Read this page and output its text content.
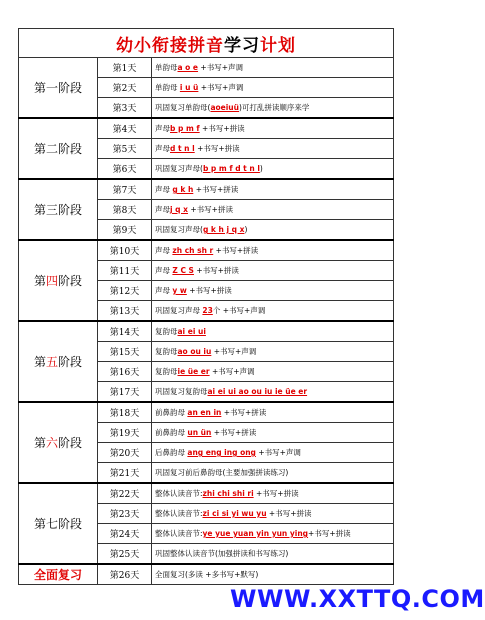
幼小衔接拼音 学习 计划
第一阶段	第1天	单韵母a o e +书写+声调
	第2天	单韵母 i u ü +书写+声调
	第3天	巩固复习单韵母(aoeiuü)可打乱拼读顺序来学
第二阶段	第4天	声母b p m f +书写+拼读
	第5天	声母d t n l +书写+拼读
	第6天	巩固复习声母(b p m f d t n l)
第三阶段	第7天	声母 g k h +书写+拼读
	第8天	声母j q x +书写+拼读
	第9天	巩固复习声母(g k h j q x)
第四阶段	第10天	声母 zh ch sh r +书写+拼读
	第11天	声母 Z C S +书写+拼读
	第12天	声母 y w +书写+拼读
	第13天	巩固复习声母 23个 +书写+声调
第五阶段	第14天	复韵母ai ei ui
	第15天	复韵母ao ou iu +书写+声调
	第16天	复韵母ie üe er +书写+声调
	第17天	巩固复习复韵母ai ei ui ao ou iu ie üe er
第六阶段	第18天	前鼻韵母 an en in +书写+拼读
	第19天	前鼻韵母 un ün +书写+拼读
	第20天	后鼻韵母 ang eng ing ong +书写+声调
	第21天	巩固复习前后鼻韵母(主要加强拼读练习)
第七阶段	第22天	整体认读音节:zhi chi shi ri +书写+拼读
	第23天	整体认读音节:zi ci si yi wu yu +书写+拼读
	第24天	整体认读音节:ye yue yuan yin yun ying+书写+拼读
	第25天	巩固整体认读音节(加强拼读和书写练习)
全面复习	第26天	全面复习(多读 +多书写+默写)
WWW.XXTTQ.COM
